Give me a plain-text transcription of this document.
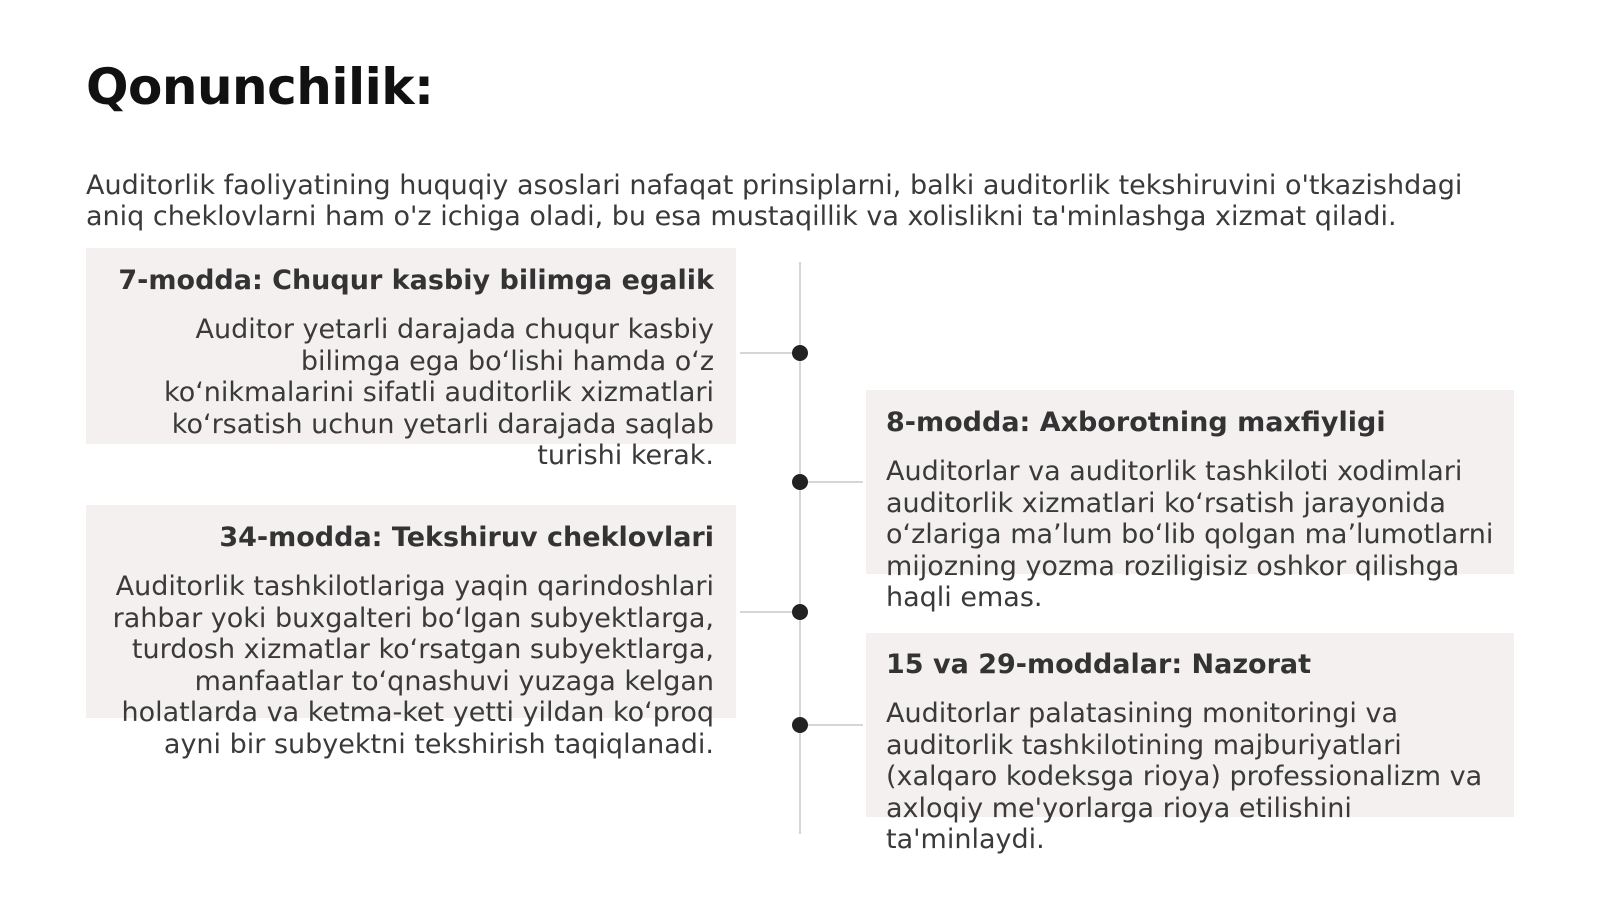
Qonunchilik:

Auditorlik faoliyatining huquqiy asoslari nafaqat prinsiplarni, balki auditorlik tekshiruvini o'tkazishdagi aniq cheklovlarni ham o'z ichiga oladi, bu esa mustaqillik va xolislikni ta'minlashga xizmat qiladi.

7-modda: Chuqur kasbiy bilimga egalik

Auditor yetarli darajada chuqur kasbiy bilimga ega bo‘lishi hamda o‘z ko‘nikmalarini sifatli auditorlik xizmatlari ko‘rsatish uchun yetarli darajada saqlab turishi kerak.

8-modda: Axborotning maxfiyligi

Auditorlar va auditorlik tashkiloti xodimlari auditorlik xizmatlari ko‘rsatish jarayonida o‘zlariga ma’lum bo‘lib qolgan ma’lumotlarni mijozning yozma roziligisiz oshkor qilishga haqli emas.

34-modda: Tekshiruv cheklovlari

Auditorlik tashkilotlariga yaqin qarindoshlari rahbar yoki buxgalteri bo‘lgan subyektlarga, turdosh xizmatlar ko‘rsatgan subyektlarga, manfaatlar to‘qnashuvi yuzaga kelgan holatlarda va ketma-ket yetti yildan ko‘proq ayni bir subyektni tekshirish taqiqlanadi.

15 va 29-moddalar: Nazorat

Auditorlar palatasining monitoringi va auditorlik tashkilotining majburiyatlari (xalqaro kodeksga rioya) professionalizm va axloqiy me'yorlarga rioya etilishini ta'minlaydi.
